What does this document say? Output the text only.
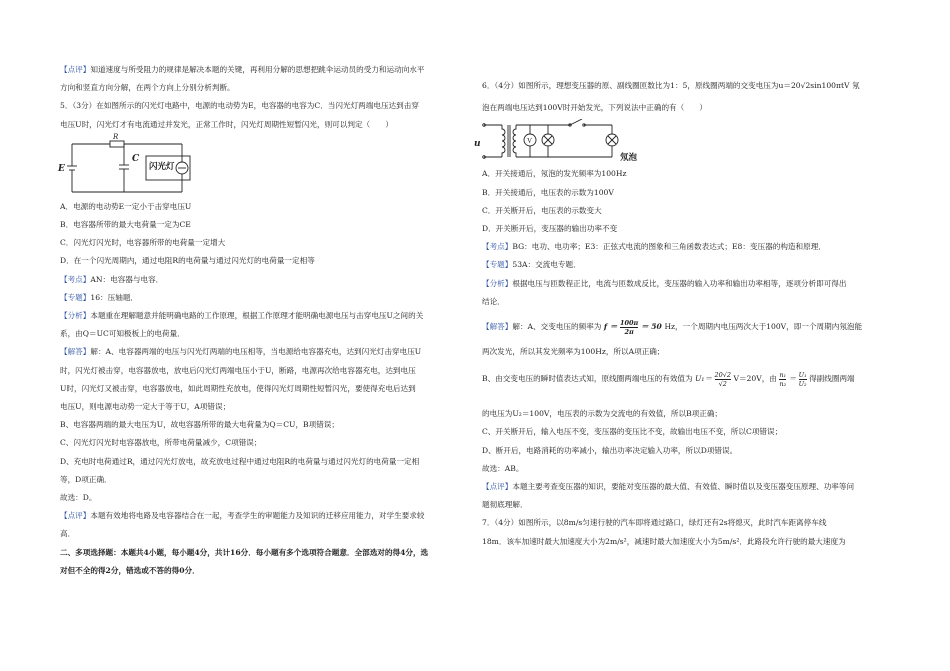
【点评】知道速度与所受阻力的规律是解决本题的关键，再利用分解的思想把跳伞运动员的受力和运动向水平

方向和竖直方向分解，在两个方向上分别分析判断。

5．（3分）在如图所示的闪光灯电路中，电源的电动势为E，电容器的电容为C．当闪光灯两端电压达到击穿

电压U时，闪光灯才有电流通过并发光，正常工作时，闪光灯周期性短暂闪光，则可以判定（　　）

E
C
R
闪光灯

A．电源的电动势E一定小于击穿电压U

B．电容器所带的最大电荷量一定为CE

C．闪光灯闪光时，电容器所带的电荷量一定增大

D．在一个闪光周期内，通过电阻R的电荷量与通过闪光灯的电荷量一定相等

【考点】AN：电容器与电容．

【专题】16：压轴题．

【分析】本题重在理解题意并能明确电路的工作原理，根据工作原理才能明确电源电压与击穿电压U之间的关

系，由Q＝UC可知极板上的电荷量．

【解答】解：A、电容器两端的电压与闪光灯两端的电压相等，当电源给电容器充电，达到闪光灯击穿电压U

时，闪光灯被击穿，电容器放电，放电后闪光灯两端电压小于U，断路，电源再次给电容器充电，达到电压

U时，闪光灯又被击穿，电容器放电，如此周期性充放电，使得闪光灯周期性短暂闪光，要使得充电后达到

电压U，则电源电动势一定大于等于U，A项错误；

B、电容器两端的最大电压为U，故电容器所带的最大电荷量为Q＝CU，B项错误；

C、闪光灯闪光时电容器放电，所带电荷量减少，C项错误；

D、充电时电荷通过R，通过闪光灯放电，故充放电过程中通过电阻R的电荷量与通过闪光灯的电荷量一定相

等，D项正确．

故选：D。

【点评】本题有效地将电路及电容器结合在一起，考查学生的审题能力及知识的迁移应用能力，对学生要求较

高．

二、多项选择题：本题共4小题，每小题4分，共计16分．每小题有多个选项符合题意．全部选对的得4分，选

对但不全的得2分，错选或不答的得0分．

6．（4分）如图所示，理想变压器的原、副线圈匝数比为1：5，原线圈两端的交变电压为u＝20√2sin100πtV 氖

泡在两端电压达到100V时开始发光，下列说法中正确的有（　　）

V
u
氖泡

A．开关接通后，氖泡的发光频率为100Hz

B．开关接通后，电压表的示数为100V

C．开关断开后，电压表的示数变大

D．开关断开后，变压器的输出功率不变

【考点】BG：电功、电功率；E3：正弦式电流的图象和三角函数表达式；E8：变压器的构造和原理．

【专题】53A：交流电专题．

【分析】根据电压与匝数程正比，电流与匝数成反比，变压器的输入功率和输出功率相等，逐项分析即可得出

结论．

【解答】解：A、交变电压的频率为 $f = \frac{100\pi}{2\pi} = 50$ Hz，一个周期内电压两次大于100V，即一个周期内氖泡能

两次发光，所以其发光频率为100Hz，所以A项正确；

B、由交变电压的瞬时值表达式知，原线圈两端电压的有效值为 $U_1= \frac{20√2}{√2} V=20V$，由 $\frac{\text{n₁}}{\text{n₂}} = \frac{\text{U₁}}{\text{U₂}}$ 得副线圈两端

的电压为U₂＝100V，电压表的示数为交流电的有效值，所以B项正确；

C、开关断开后，输入电压不变，变压器的变压比不变，故输出电压不变，所以C项错误；

D、断开后，电路消耗的功率减小，输出功率决定输入功率，所以D项错误。

故选：AB。

【点评】本题主要考查变压器的知识，要能对变压器的最大值、有效值、瞬时值以及变压器变压原理、功率等问

题彻底理解．

7．（4分）如图所示，以8m/s匀速行驶的汽车即将通过路口，绿灯还有2s将熄灭，此时汽车距离停车线

18m．该车加速时最大加速度大小为2m/s²，减速时最大加速度大小为5m/s²．此路段允许行驶的最大速度为
